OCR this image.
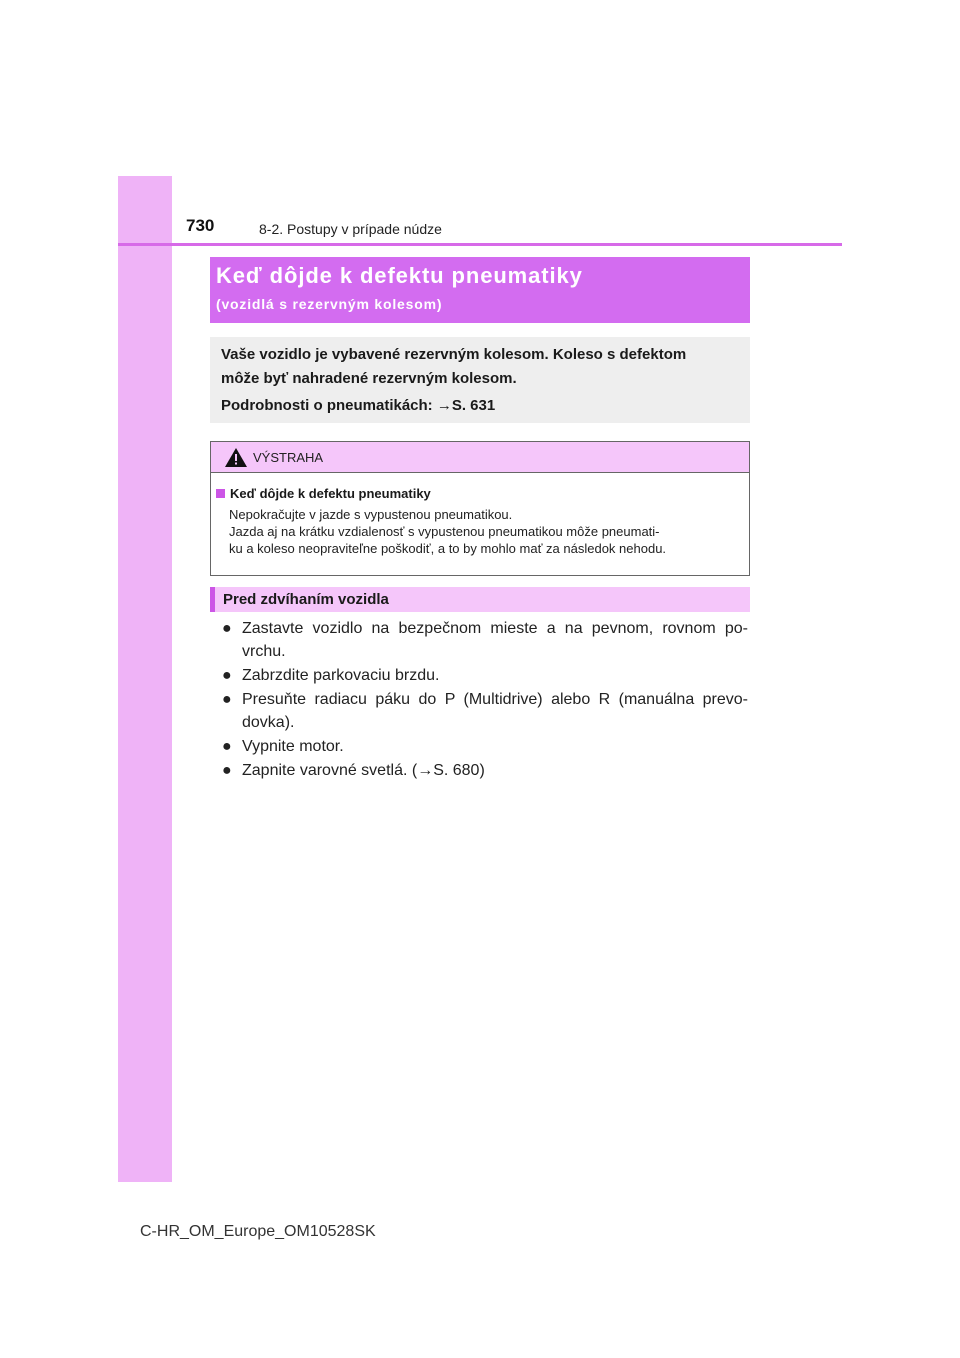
730	8-2. Postupy v prípade núdze
Keď dôjde k defektu pneumatiky
(vozidlá s rezervným kolesom)
Vaše vozidlo je vybavené rezervným kolesom. Koleso s defektom
môže byť nahradené rezervným kolesom.
Podrobnosti o pneumatikách: →S. 631
VÝSTRAHA
Keď dôjde k defektu pneumatiky
Nepokračujte v jazde s vypustenou pneumatikou.
Jazda aj na krátku vzdialenosť s vypustenou pneumatikou môže pneumati-
ku a koleso neopraviteľne poškodiť, a to by mohlo mať za následok nehodu.
Pred zdvíhaním vozidla
● Zastavte vozidlo na bezpečnom mieste a na pevnom, rovnom po- vrchu.
● Zabrzdite parkovaciu brzdu.
● Presuňte radiacu páku do P (Multidrive) alebo R (manuálna prevo- dovka).
● Vypnite motor.
● Zapnite varovné svetlá. (→S. 680)
C-HR_OM_Europe_OM10528SK
